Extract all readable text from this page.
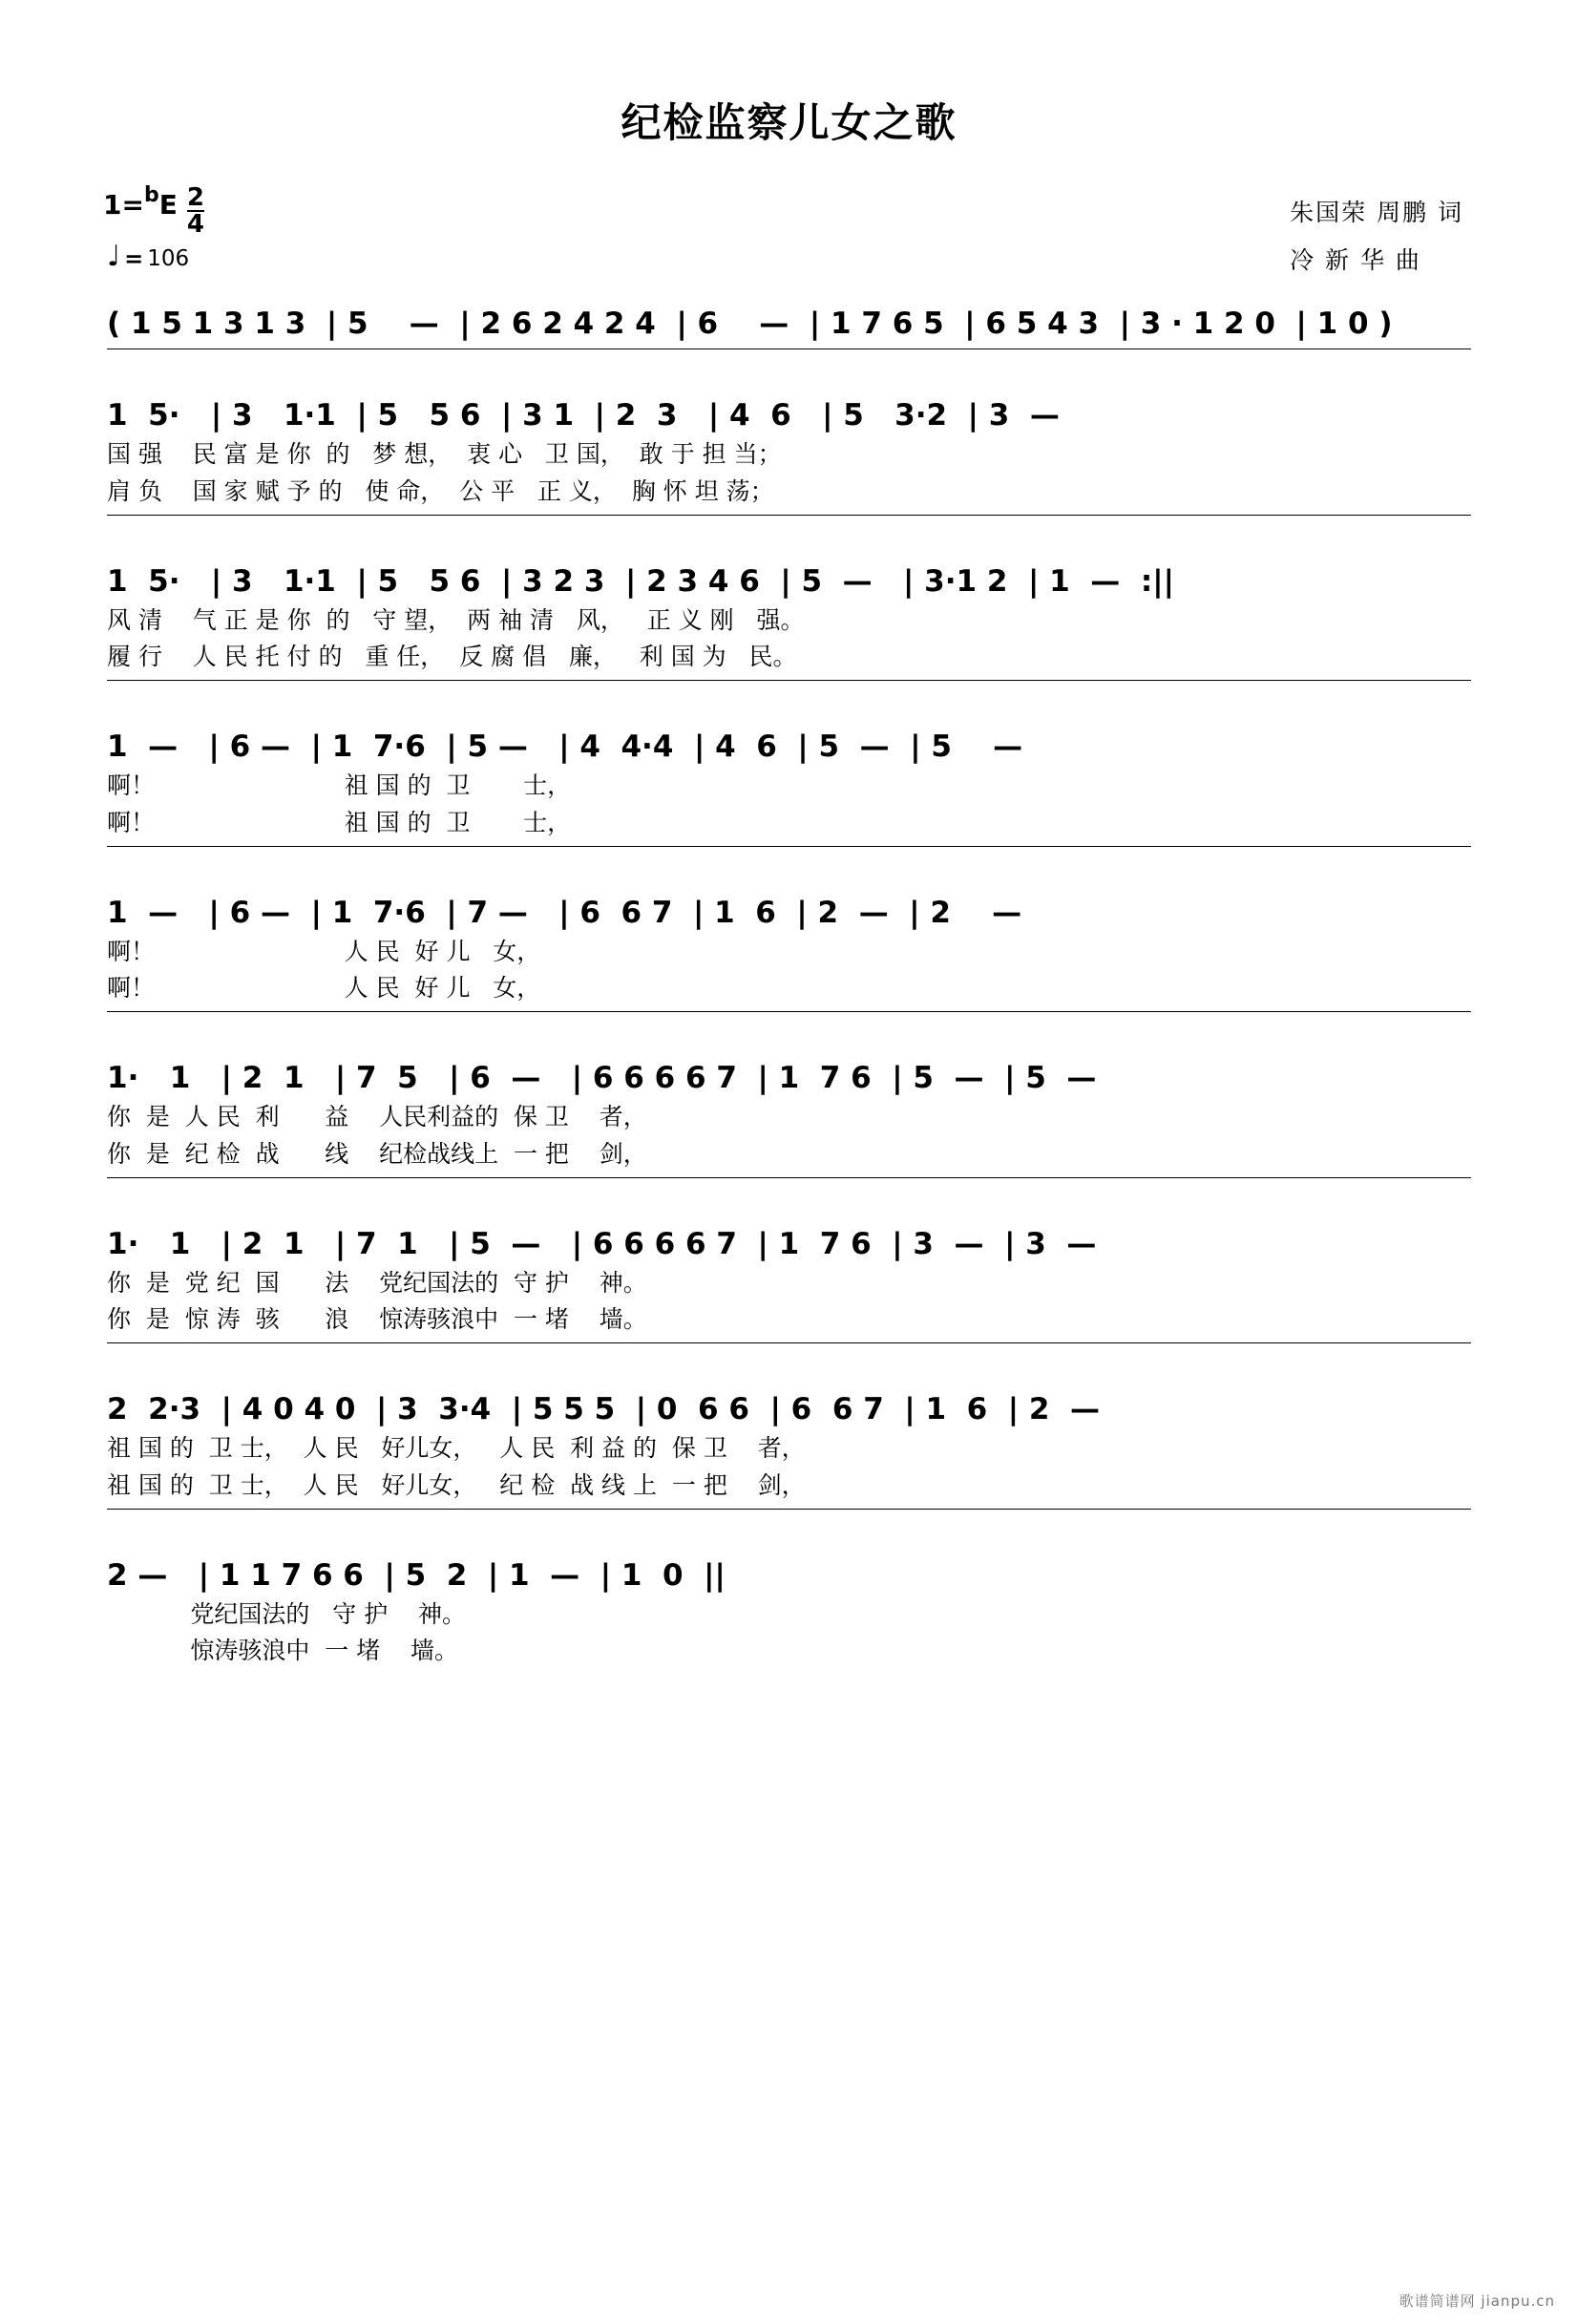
纪检监察儿女之歌
1= b E $\frac{2}{4}$
♩ = 106
朱国荣 周鹏 词
冷 新 华 曲
( 1 5 1 3 1 3  | 5    —  | 2 6 2 4 2 4  | 6    —  | 1 7 6 5  | 6 5 4 3  | 3 · 1 2 0  | 1 0 )
1  5·   | 3   1·1  | 5   5 6  | 3 1  | 2  3   | 4  6   | 5   3·2  | 3  —
国 强    民 富 是 你  的   梦 想，  衷 心   卫 国，  敢 于 担 当；
肩 负    国 家 赋 予 的   使 命，  公 平   正 义，  胸 怀 坦 荡；
1  5·   | 3   1·1  | 5   5 6  | 3 2 3  | 2 3 4 6  | 5  —   | 3·1 2  | 1  —  :||
风 清    气 正 是 你  的   守 望，  两 袖 清   风，   正 义 刚   强。
履 行    人 民 托 付 的   重 任，  反 腐 倡   廉，   利 国 为   民。
1  —   | 6 —  | 1  7·6  | 5 —   | 4  4·4  | 4  6  | 5  —  | 5    —
啊！                         祖 国 的  卫       士，
啊！                         祖 国 的  卫       士，
1  —   | 6 —  | 1  7·6  | 7 —   | 6  6 7  | 1  6  | 2  —  | 2    —
啊！                         人 民  好 儿   女，
啊！                         人 民  好 儿   女，
1·   1   | 2  1   | 7  5   | 6  —   | 6 6 6 6 7  | 1  7 6  | 5  —  | 5  —
你  是  人 民  利      益    人民利益的  保 卫    者，
你  是  纪 检  战      线    纪检战线上  一 把    剑，
1·   1   | 2  1   | 7  1   | 5  —   | 6 6 6 6 7  | 1  7 6  | 3  —  | 3  —
你  是  党 纪  国      法    党纪国法的  守 护    神。
你  是  惊 涛  骇      浪    惊涛骇浪中  一 堵    墙。
2  2·3  | 4 0 4 0  | 3  3·4  | 5 5 5  | 0  6 6  | 6  6 7  | 1  6  | 2  —
祖 国 的  卫 士，  人 民   好儿女，   人 民  利 益 的  保 卫    者，
祖 国 的  卫 士，  人 民   好儿女，   纪 检  战 线 上  一 把    剑，
2 —   | 1 1 7 6 6  | 5  2  | 1  —  | 1  0  ||
党纪国法的   守 护    神。
惊涛骇浪中  一 堵    墙。
歌谱简谱网 jianpu.cn
